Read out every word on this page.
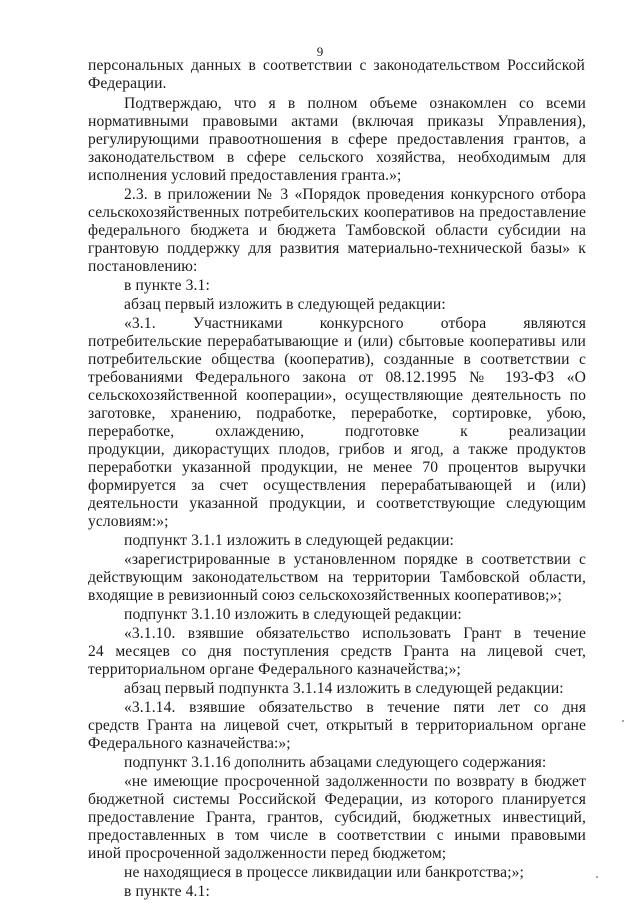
9
персональных данных в соответствии с законодательством Российской
Федерации.
Подтверждаю, что я в полном объеме ознакомлен со всеми
нормативными правовыми актами (включая приказы Управления),
регулирующими правоотношения в сфере предоставления грантов, а
законодательством в сфере сельского хозяйства, необходимым для
исполнения условий предоставления гранта.»;
2.3. в приложении № 3 «Порядок проведения конкурсного отбора
сельскохозяйственных потребительских кооперативов на предоставление
федерального бюджета и бюджета Тамбовской области субсидии на
грантовую поддержку для развития материально-технической базы» к
постановлению:
в пункте 3.1:
абзац первый изложить в следующей редакции:
«3.1. Участниками конкурсного отбора являются
потребительские перерабатывающие и (или) сбытовые кооперативы или
потребительские общества (кооператив), созданные в соответствии с
требованиями Федерального закона от 08.12.1995 № 193-ФЗ «О
сельскохозяйственной кооперации», осуществляющие деятельность по
заготовке, хранению, подработке, переработке, сортировке, убою,
переработке, охлаждению, подготовке к реализации
продукции, дикорастущих плодов, грибов и ягод, а также продуктов
переработки указанной продукции, не менее 70 процентов выручки
формируется за счет осуществления перерабатывающей и (или)
деятельности указанной продукции, и соответствующие следующим
условиям:»;
подпункт 3.1.1 изложить в следующей редакции:
«зарегистрированные в установленном порядке в соответствии с
действующим законодательством на территории Тамбовской области,
входящие в ревизионный союз сельскохозяйственных кооперативов;»;
подпункт 3.1.10 изложить в следующей редакции:
«3.1.10. взявшие обязательство использовать Грант в течение
24 месяцев со дня поступления средств Гранта на лицевой счет,
территориальном органе Федерального казначейства;»;
абзац первый подпункта 3.1.14 изложить в следующей редакции:
«3.1.14. взявшие обязательство в течение пяти лет со дня
средств Гранта на лицевой счет, открытый в территориальном органе
Федерального казначейства:»;
подпункт 3.1.16 дополнить абзацами следующего содержания:
«не имеющие просроченной задолженности по возврату в бюджет
бюджетной системы Российской Федерации, из которого планируется
предоставление Гранта, грантов, субсидий, бюджетных инвестиций,
предоставленных в том числе в соответствии с иными правовыми
иной просроченной задолженности перед бюджетом;
не находящиеся в процессе ликвидации или банкротства;»;
в пункте 4.1:
